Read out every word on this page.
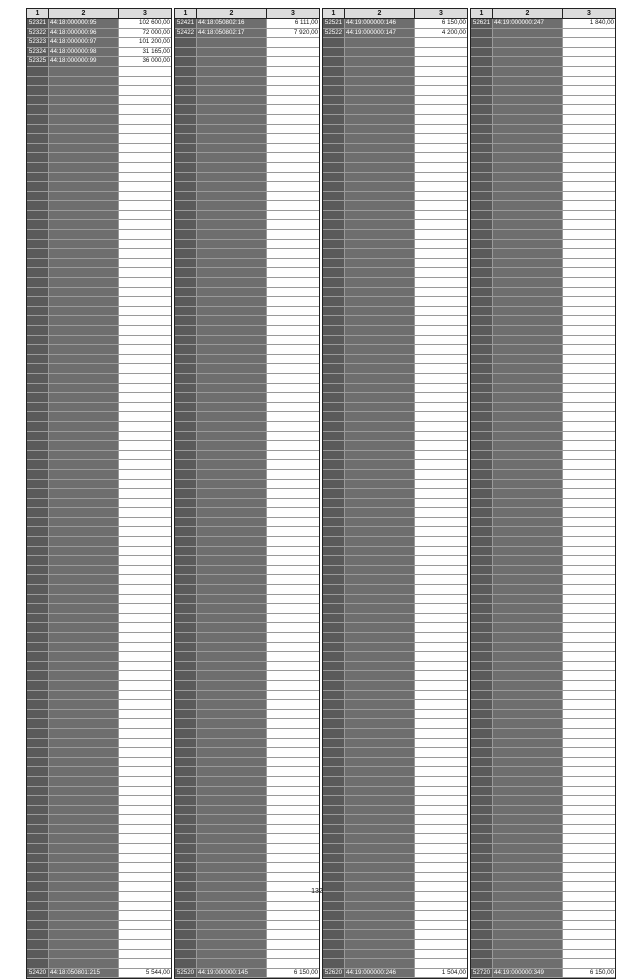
1	2	3
52321 44:18:000000:95	102 600,00
52322 44:18:000000:96	72 000,00
52323 44:18:000000:97	101 200,00
52324 44:18:000000:98	31 165,00
52325 44:18:000000:99	36 000,00
52420 44:18:050801:215	5 544,00
1	2	3
52421 44:18:050802:16	6 111,00
52422 44:18:050802:17	7 920,00
52520 44:19:000000:145	6 150,00
1	2	3
52521 44:19:000000:146	6 150,00
52522 44:19:000000:147	4 200,00
52620 44:19:000000:246	1 504,00
1	2	3
52621 44:19:000000:247	1 840,00
52720 44:19:000000:349	6 150,00
132
